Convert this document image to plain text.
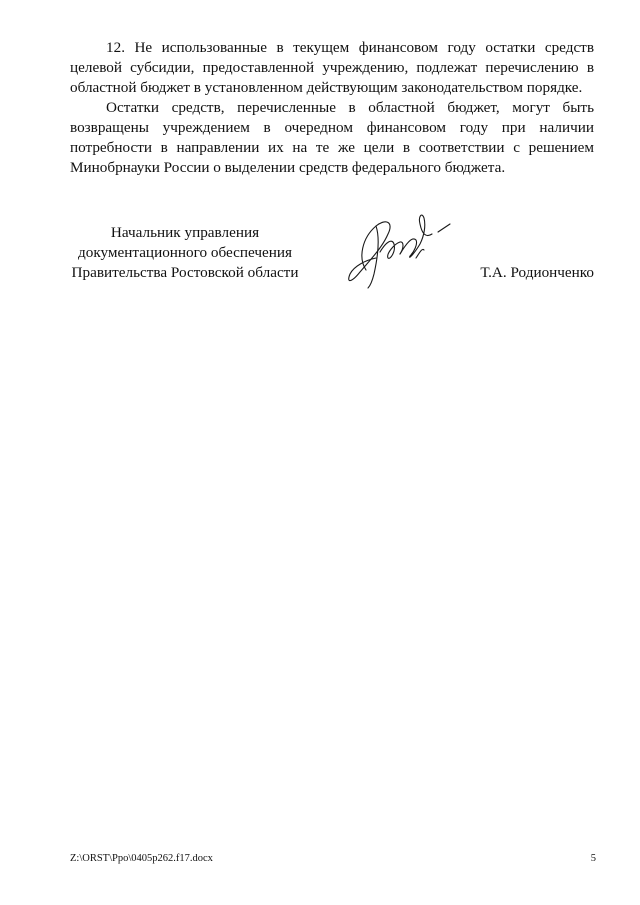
12. Не использованные в текущем финансовом году остатки средств целевой субсидии, предоставленной учреждению, подлежат перечислению в областной бюджет в установленном действующим законодательством порядке.

Остатки средств, перечисленные в областной бюджет, могут быть возвращены учреждением в очередном финансовом году при наличии потребности в направлении их на те же цели в соответствии с решением Минобрнауки России о выделении средств федерального бюджета.

Начальник управления
документационного обеспечения
Правительства Ростовской области	Т.А. Родионченко
Z:\ORST\Ppo\0405p262.f17.docx	5
